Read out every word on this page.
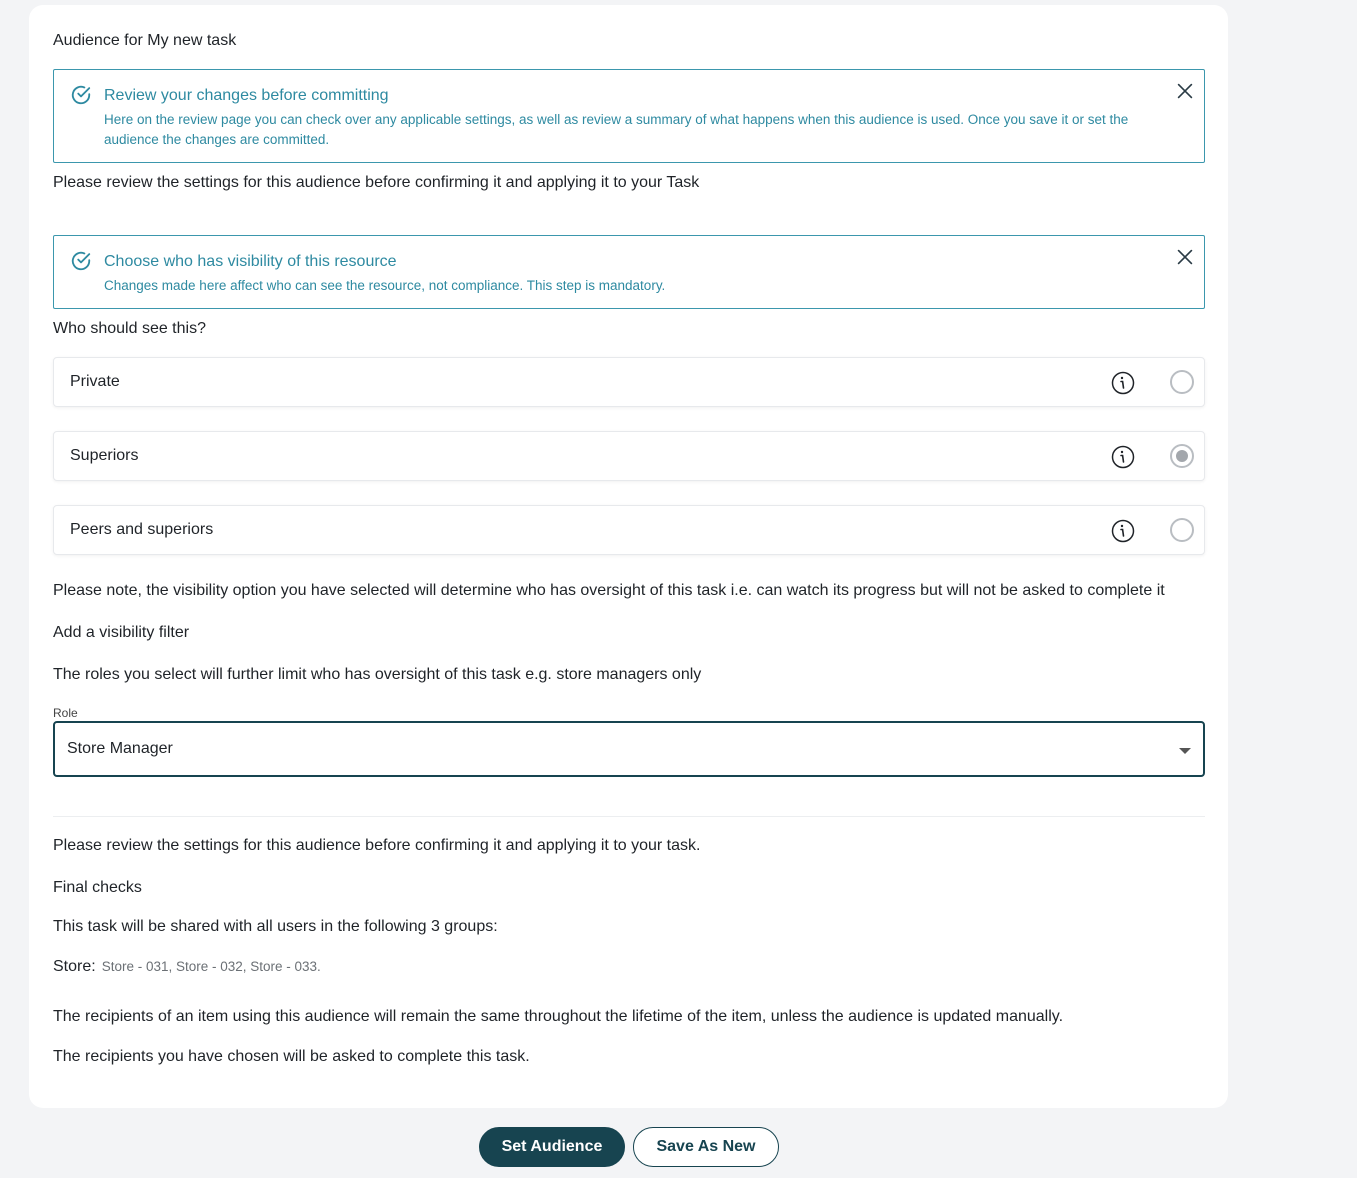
Audience for My new task
Review your changes before committing
Here on the review page you can check over any applicable settings, as well as review a summary of what happens when this audience is used. Once you save it or set the audience the changes are committed.
Please review the settings for this audience before confirming it and applying it to your Task
Choose who has visibility of this resource
Changes made here affect who can see the resource, not compliance. This step is mandatory.
Who should see this?
Private
Superiors
Peers and superiors
Please note, the visibility option you have selected will determine who has oversight of this task i.e. can watch its progress but will not be asked to complete it
Add a visibility filter
The roles you select will further limit who has oversight of this task e.g. store managers only
Role
Store Manager
Please review the settings for this audience before confirming it and applying it to your task.
Final checks
This task will be shared with all users in the following 3 groups:
Store: Store - 031, Store - 032, Store - 033.
The recipients of an item using this audience will remain the same throughout the lifetime of the item, unless the audience is updated manually.
The recipients you have chosen will be asked to complete this task.
Set Audience	Save As New
